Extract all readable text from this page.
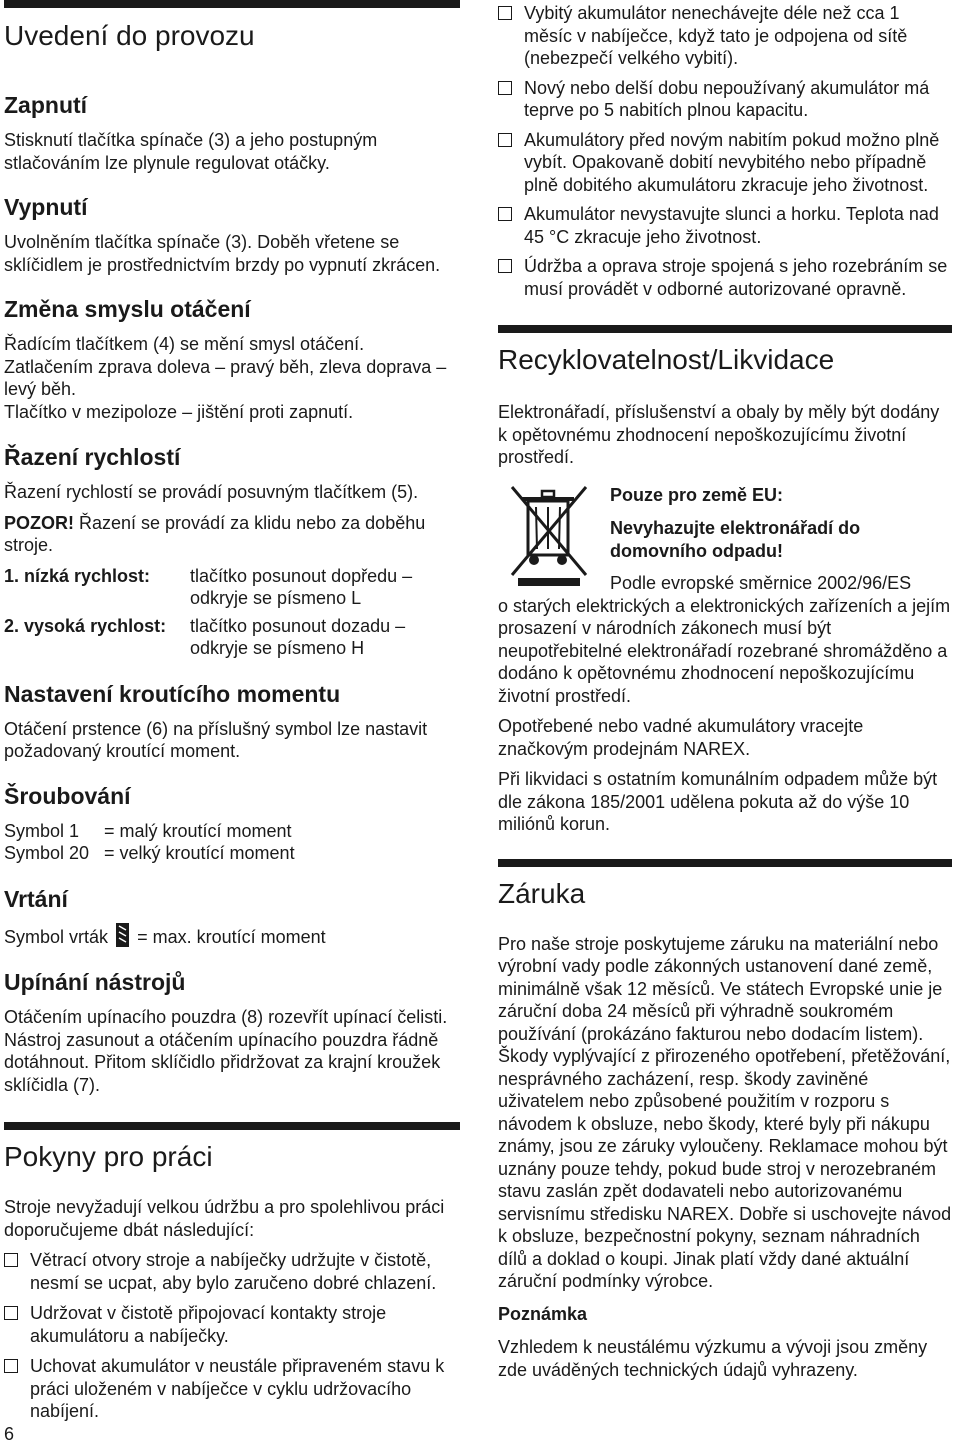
Uvedení do provozu
Zapnutí

Stisknutí tlačítka spínače (3) a jeho postupným stlačováním lze plynule regulovat otáčky.

Vypnutí

Uvolněním tlačítka spínače (3). Doběh vřetene se sklíčidlem je prostřednictvím brzdy po vypnutí zkrácen.

Změna smyslu otáčení

Řadícím tlačítkem (4) se mění smysl otáčení.

Zatlačením zprava doleva – pravý běh, zleva doprava – levý běh.

Tlačítko v mezipoloze – jištění proti zapnutí.

Řazení rychlostí

Řazení rychlostí se provádí posuvným tlačítkem (5).

POZOR! Řazení se provádí za klidu nebo za doběhu stroje.

1. nízká rychlost:	tlačítko posunout dopředu – odkryje se písmeno L
2. vysoká rychlost:	tlačítko posunout dozadu – odkryje se písmeno H
Nastavení kroutícího momentu

Otáčení prstence (6) na příslušný symbol lze nastavit požadovaný kroutící moment.

Šroubování
Symbol 1	= malý kroutící moment
Symbol 20 = velký kroutící moment
Vrtání

Symbol vrták = max. kroutící moment

Upínání nástrojů

Otáčením upínacího pouzdra (8) rozevřít upínací čelisti. Nástroj zasunout a otáčením upínacího pouzdra řádně dotáhnout. Přitom sklíčidlo přidržovat za krajní kroužek sklíčidla (7).

Pokyny pro práci

Stroje nevyžadují velkou údržbu a pro spolehlivou práci doporučujeme dbát následující:

Větrací otvory stroje a nabíječky udržujte v čistotě, nesmí se ucpat, aby bylo zaručeno dobré chlazení.
Udržovat v čistotě připojovací kontakty stroje akumulátoru a nabíječky.
Uchovat akumulátor v neustále připraveném stavu k práci uloženém v nabíječce v cyklu udržovacího nabíjení.
Vybitý akumulátor nenechávejte déle než cca 1 měsíc v nabíječce, když tato je odpojena od sítě (nebezpečí velkého vybití).
Nový nebo delší dobu nepoužívaný akumulátor má teprve po 5 nabitích plnou kapacitu.
Akumulátory před novým nabitím pokud možno plně vybít. Opakovaně dobití nevybitého nebo případně plně dobitého akumulátoru zkracuje jeho životnost.
Akumulátor nevystavujte slunci a horku. Teplota nad 45 °C zkracuje jeho životnost.
Údržba a oprava stroje spojená s jeho rozebráním se musí provádět v odborné autorizované opravně.
Recyklovatelnost/Likvidace

Elektronářadí, příslušenství a obaly by měly být dodány k opětovnému zhodnocení nepoškozujícímu životní prostředí.

Pouze pro země EU:
Nevyhazujte elektronářadí do domovního odpadu!
Podle evropské směrnice 2002/96/ES

o starých elektrických a elektronických zařízeních a jejím prosazení v národních zákonech musí být neupotřebitelné elektronářadí rozebrané shromážděno a dodáno k opětovnému zhodnocení nepoškozujícímu životní prostředí.

Opotřebené nebo vadné akumulátory vracejte značkovým prodejnám NAREX.

Při likvidaci s ostatním komunálním odpadem může být dle zákona 185/2001 udělena pokuta až do výše 10 miliónů korun.

Záruka

Pro naše stroje poskytujeme záruku na materiální nebo výrobní vady podle zákonných ustanovení dané země, minimálně však 12 měsíců. Ve státech Evropské unie je záruční doba 24 měsíců při výhradně soukromém používání (prokázáno fakturou nebo dodacím listem). Škody vyplývající z přirozeného opotřebení, přetěžování, nesprávného zacházení, resp. škody zaviněné uživatelem nebo způsobené použitím v rozporu s návodem k obsluze, nebo škody, které byly při nákupu známy, jsou ze záruky vyloučeny. Reklamace mohou být uznány pouze tehdy, pokud bude stroj v nerozebraném stavu zaslán zpět dodavateli nebo autorizovanému servisnímu středisku NAREX. Dobře si uschovejte návod k obsluze, bezpečnostní pokyny, seznam náhradních dílů a doklad o koupi. Jinak platí vždy dané aktuální záruční podmínky výrobce.

Poznámka

Vzhledem k neustálému výzkumu a vývoji jsou změny zde uváděných technických údajů vyhrazeny.

6
